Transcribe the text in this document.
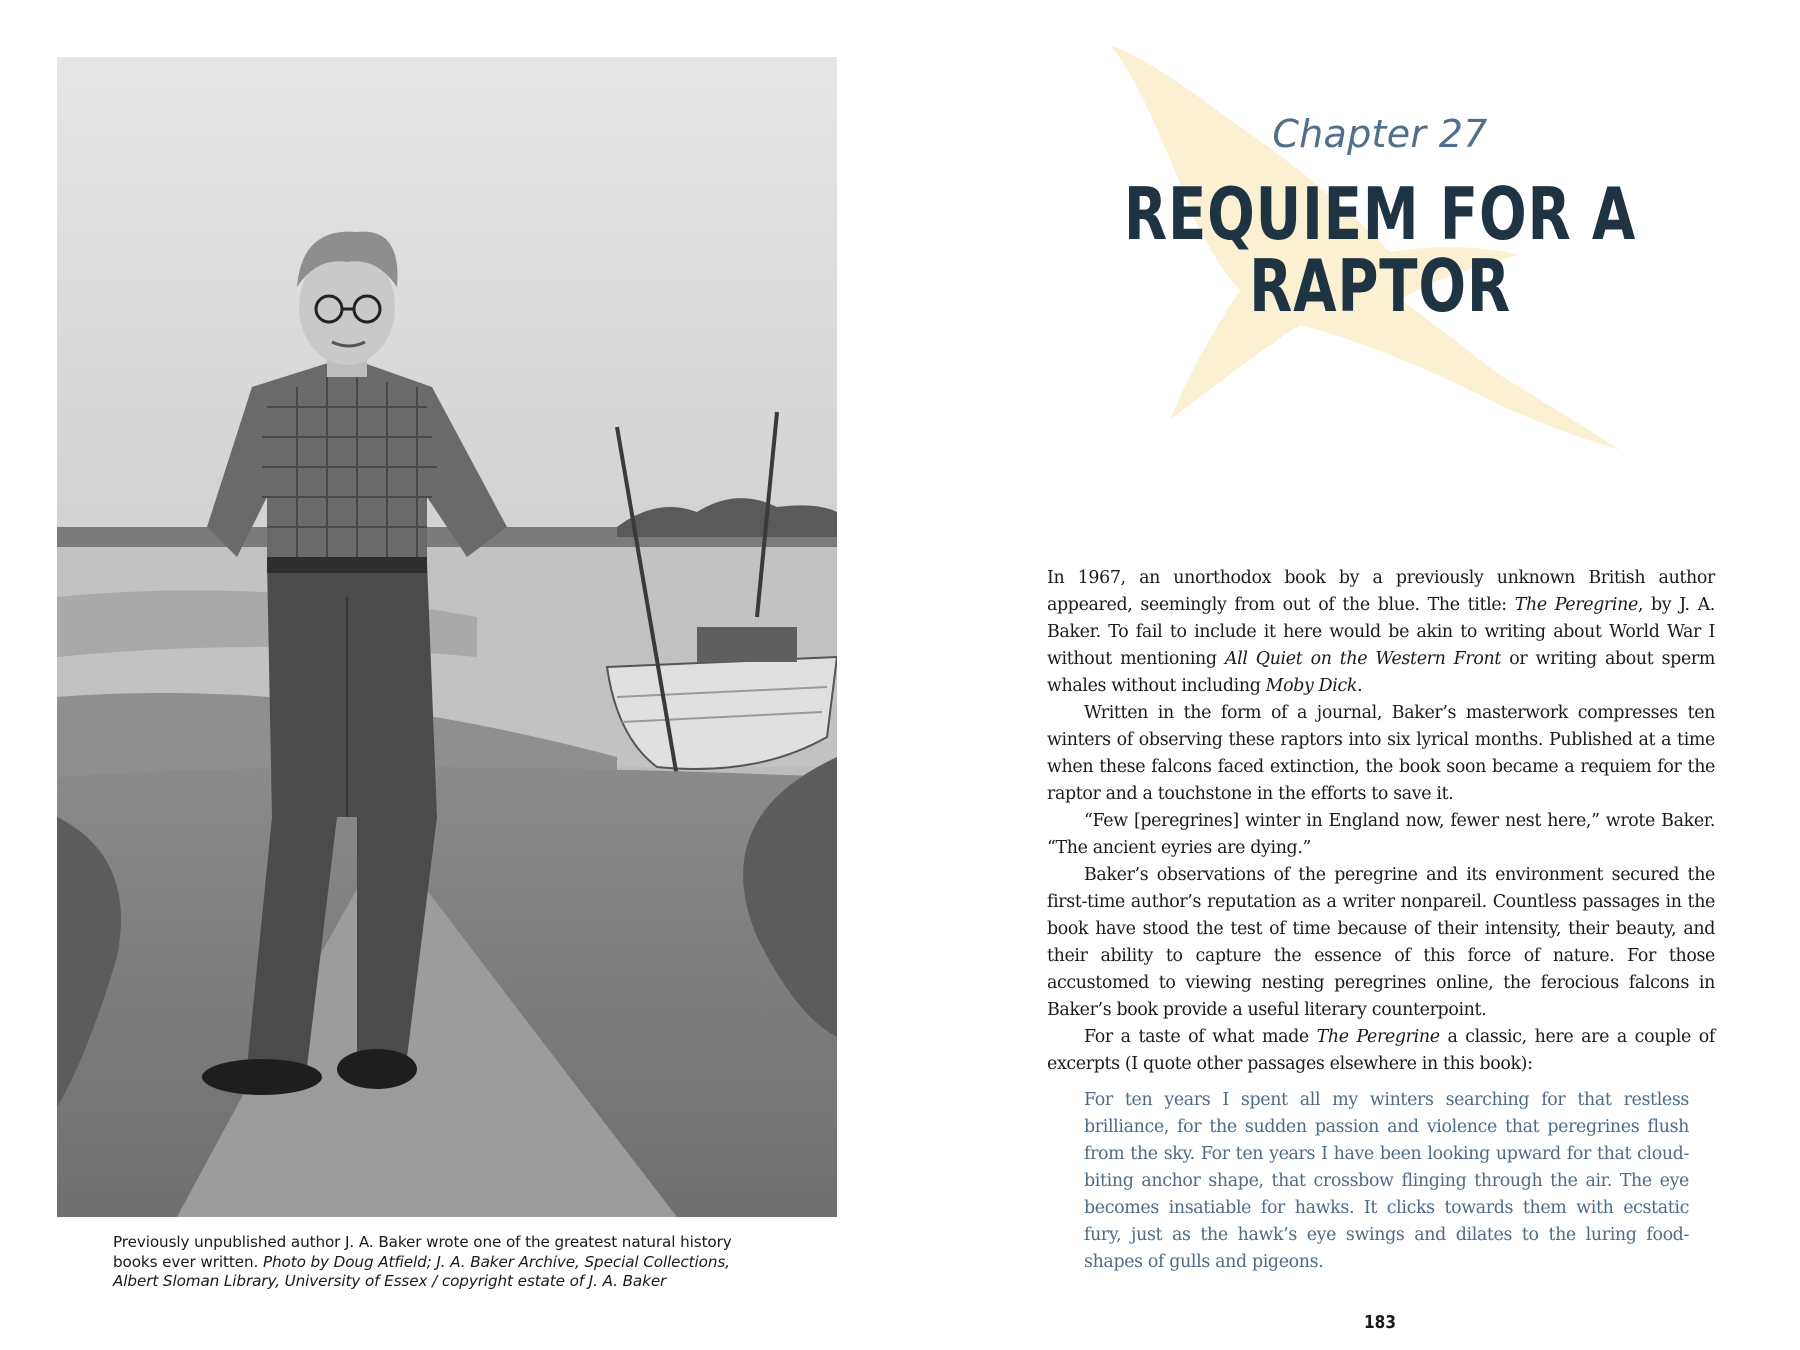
Previously unpublished author J. A. Baker wrote one of the greatest natural history books ever written. Photo by Doug Atfield; J. A. Baker Archive, Special Collections, Albert Sloman Library, University of Essex / copyright estate of J. A. Baker
Chapter 27
REQUIEM FOR A RAPTOR

In 1967, an unorthodox book by a previously unknown British author appeared, seemingly from out of the blue. The title: The Peregrine, by J. A. Baker. To fail to include it here would be akin to writing about World War I without mentioning All Quiet on the Western Front or writing about sperm whales without including Moby Dick.

Written in the form of a journal, Baker’s masterwork compresses ten winters of observing these raptors into six lyrical months. Published at a time when these falcons faced extinction, the book soon became a requiem for the raptor and a touchstone in the efforts to save it.

“Few [peregrines] winter in England now, fewer nest here,” wrote Baker. “The ancient eyries are dying.”

Baker’s observations of the peregrine and its environment secured the first-time author’s reputation as a writer nonpareil. Countless passages in the book have stood the test of time because of their intensity, their beauty, and their ability to capture the essence of this force of nature. For those accustomed to viewing nesting peregrines online, the ferocious falcons in Baker’s book provide a useful literary counterpoint.

For a taste of what made The Peregrine a classic, here are a couple of excerpts (I quote other passages elsewhere in this book):

For ten years I spent all my winters searching for that restless brilliance, for the sudden passion and violence that peregrines flush from the sky. For ten years I have been looking upward for that cloud-biting anchor shape, that crossbow flinging through the air. The eye becomes insatiable for hawks. It clicks towards them with ecstatic fury, just as the hawk’s eye swings and dilates to the luring food-shapes of gulls and pigeons.
183
